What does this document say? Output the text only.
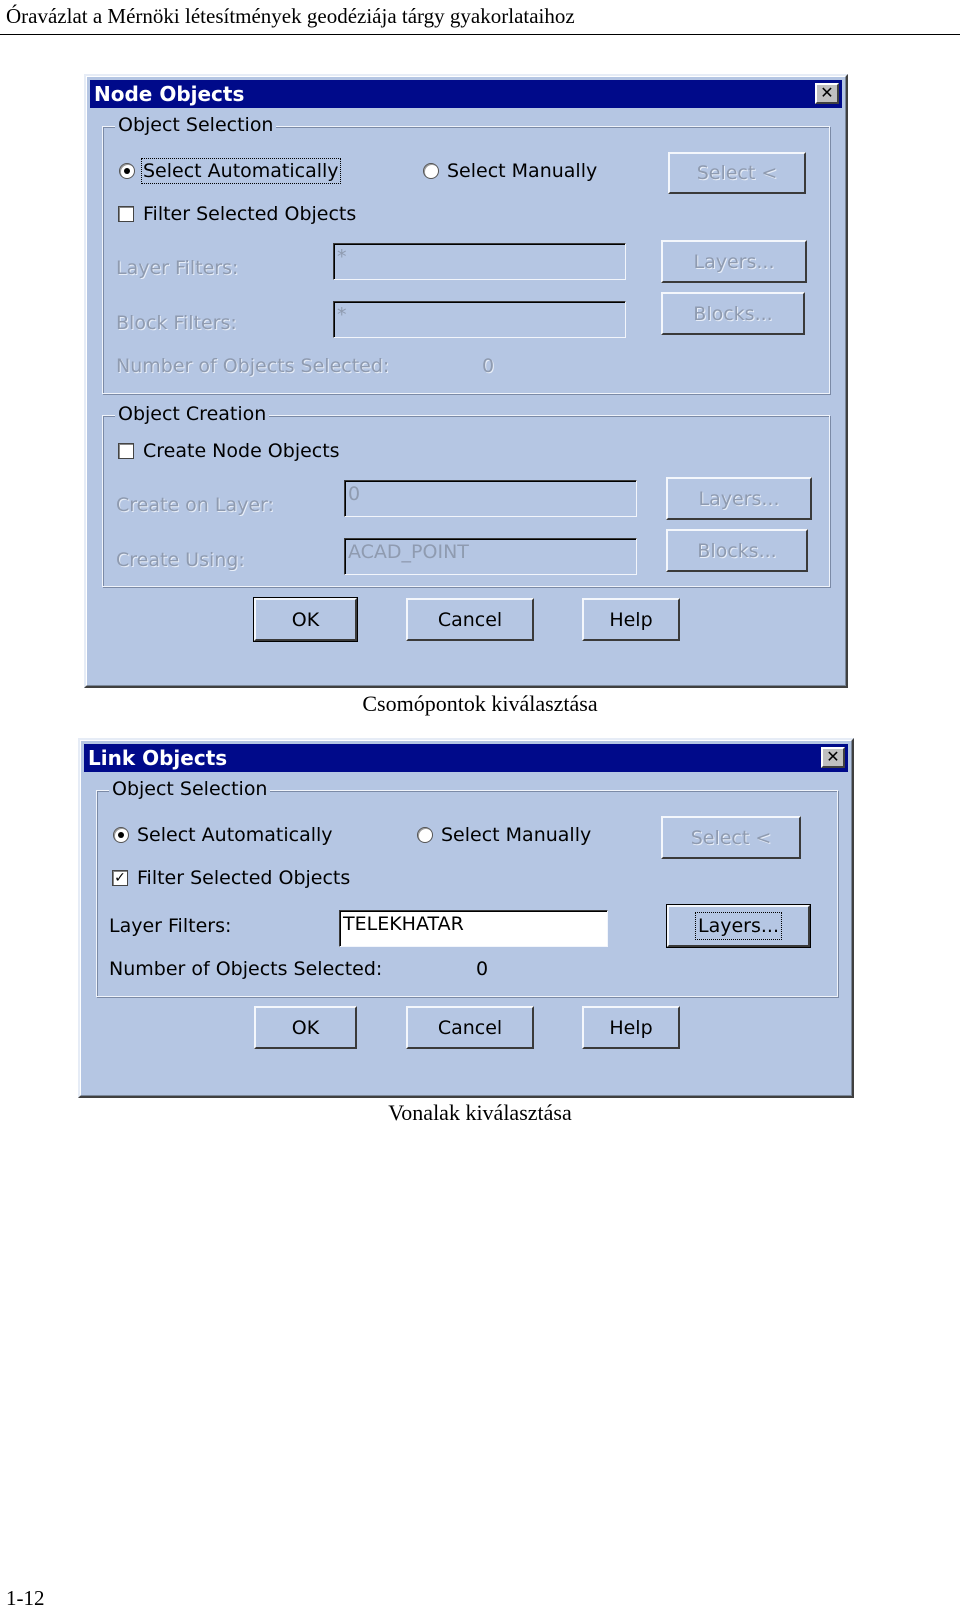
Óravázlat a Mérnöki létesítmények geodéziája tárgy gyakorlataihoz
Node Objects	✕
Object Selection
Select Automatically	Select Manually	Select <
Filter Selected Objects
Layer Filters:	*	Layers...
Block Filters:	*	Blocks...
Number of Objects Selected:	0
Object Creation
Create Node Objects
Create on Layer:	0	Layers...
Create Using:	ACAD_POINT	Blocks...
OK	Cancel	Help
Csomópontok kiválasztása
Link Objects	✕
Object Selection
Select Automatically	Select Manually	Select <
✓ Filter Selected Objects
Layer Filters:	TELEKHATAR	Layers...
Number of Objects Selected:	0
OK	Cancel	Help
Vonalak kiválasztása
1-12
